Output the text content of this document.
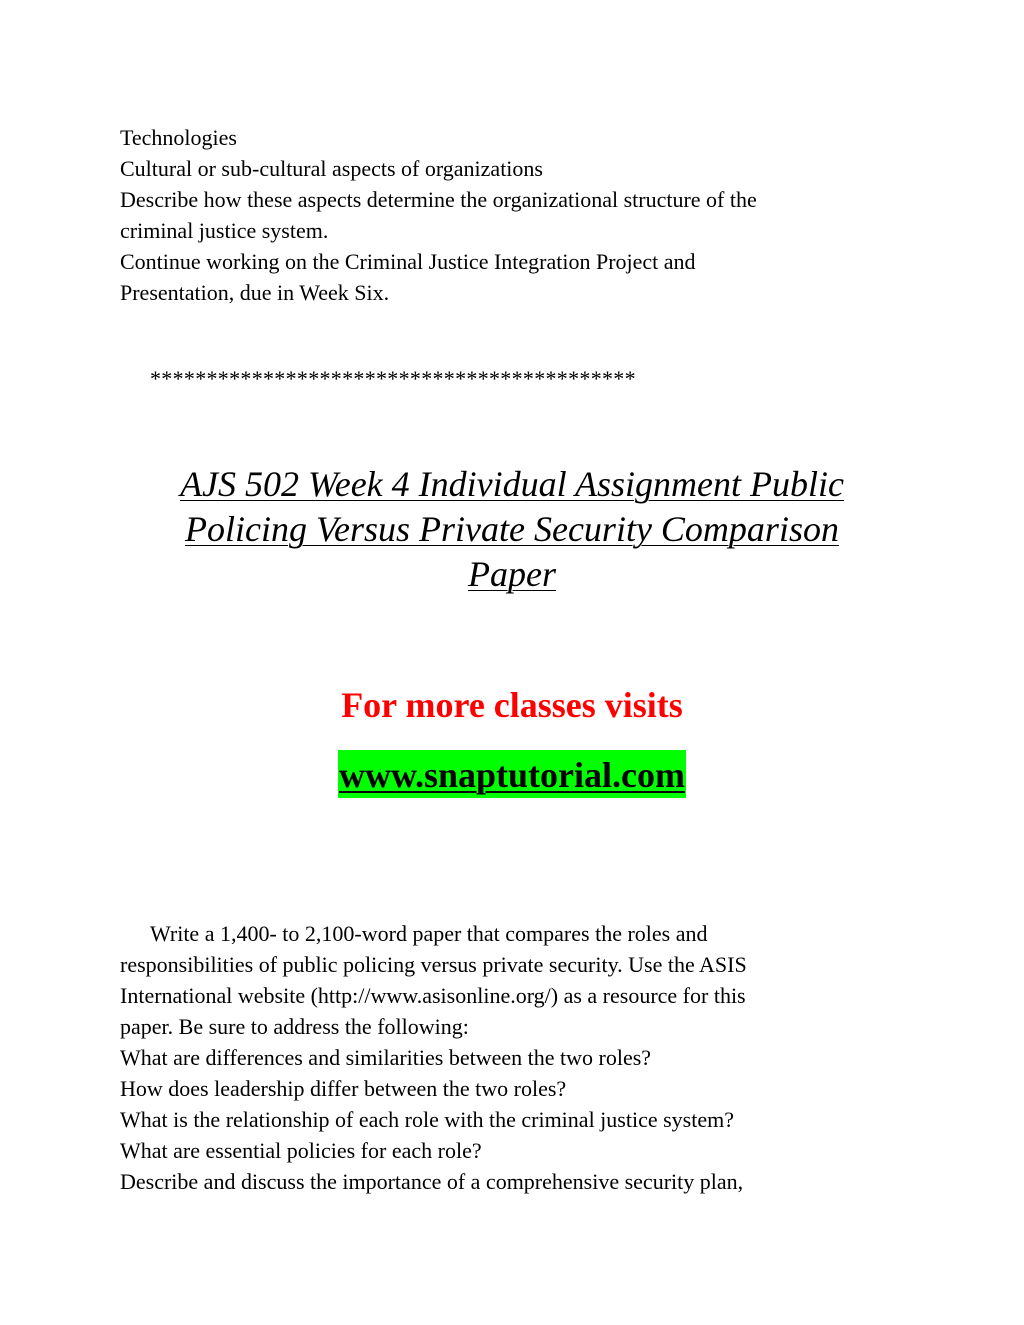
Technologies
Cultural or sub-cultural aspects of organizations
Describe how these aspects determine the organizational structure of the
criminal justice system.
Continue working on the Criminal Justice Integration Project and
Presentation, due in Week Six.
*******************************************
AJS 502 Week 4 Individual Assignment Public
Policing Versus Private Security Comparison
Paper
For more classes visits
www.snaptutorial.com
Write a 1,400- to 2,100-word paper that compares the roles and
responsibilities of public policing versus private security. Use the ASIS
International website (http://www.asisonline.org/) as a resource for this
paper. Be sure to address the following:
What are differences and similarities between the two roles?
How does leadership differ between the two roles?
What is the relationship of each role with the criminal justice system?
What are essential policies for each role?
Describe and discuss the importance of a comprehensive security plan,
